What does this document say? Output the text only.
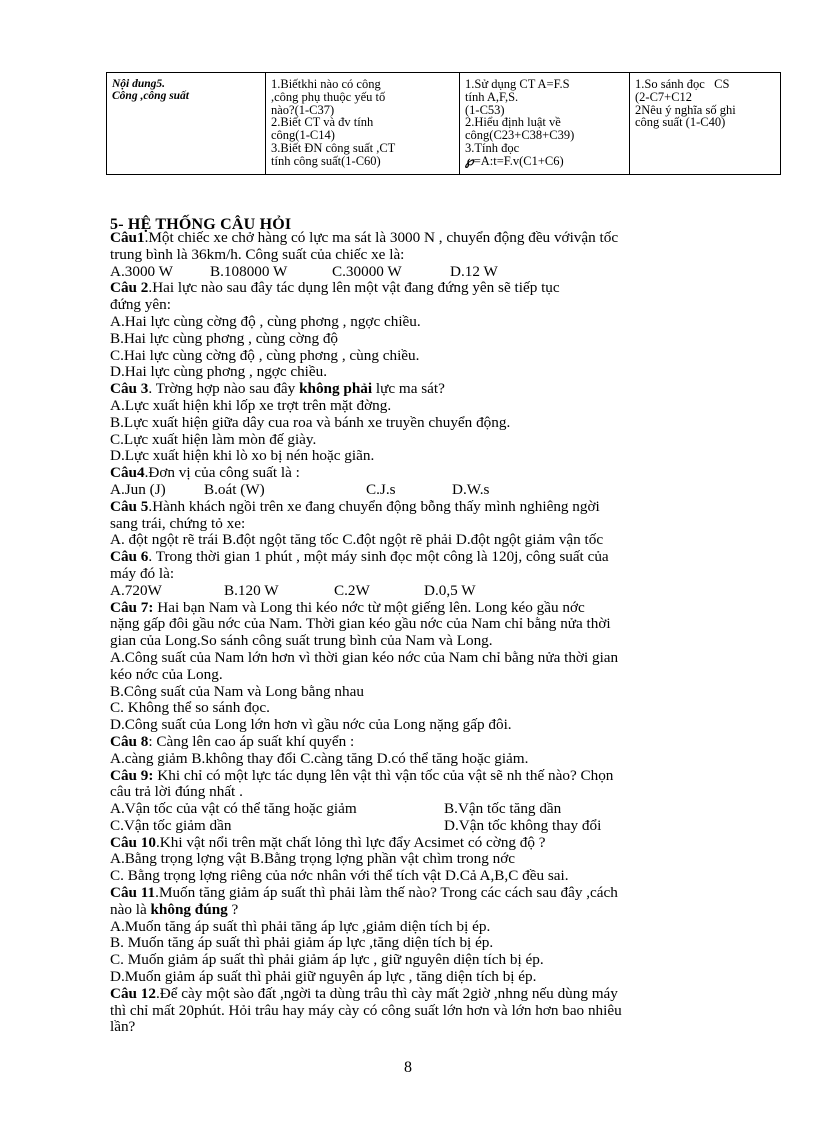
Nội dung5.
Công ,công suất

1.Biếtkhi nào có công
,công phụ thuộc yếu tố
nào?(1-C37)
2.Biết CT và đv tính
công(1-C14)
3.Biết ĐN công suất ,CT
tính công suất(1-C60)

1.Sử dụng CT A=F.S
tính A,F,S.
(1-C53)
2.Hiểu định luật về
công(C23+C38+C39)
3.Tính đọc
℘=A:t=F.v(C1+C6)

1.So sánh đọc   CS
(2-C7+C12
2Nêu ý nghĩa số ghi
công suất (1-C40)
5- HỆ THỐNG CÂU HỎI
Câu1.Một chiếc xe chở hàng có lực ma sát là 3000 N , chuyển động đều vớivận tốc
trung bình là 36km/h. Công suất của chiếc xe là:
A.3000 W	B.108000 W	C.30000 W	D.12 W
Câu 2.Hai lực nào sau đây tác dụng lên một vật đang đứng yên sẽ tiếp tục
đứng yên:
A.Hai lực cùng cờng độ , cùng phơng , ngợc chiều.
B.Hai lực cùng phơng , cùng cờng độ
C.Hai lực cùng cờng độ , cùng phơng , cùng chiều.
D.Hai lực cùng phơng , ngợc chiều.
Câu 3. Trờng hợp nào sau đây không phải lực ma sát?
A.Lực xuất hiện khi lốp xe trợt trên mặt đờng.
B.Lực xuất hiện giữa dây cua roa và bánh xe truyền chuyển động.
C.Lực xuất hiện làm mòn đế giày.
D.Lực xuất hiện khi lò xo bị nén hoặc giãn.
Câu4.Đơn vị của công suất là :
A.Jun (J)	B.oát (W)	C.J.s	D.W.s
Câu 5.Hành khách ngồi trên xe đang chuyển động bỗng thấy mình nghiêng ngời
sang trái, chứng tỏ xe:
A. đột ngột rẽ trái B.đột ngột tăng tốc C.đột ngột rẽ phải D.đột ngột giảm vận tốc
Câu 6. Trong thời gian 1 phút , một máy sinh đọc một công là 120j, công suất của
máy đó là:
A.720W	B.120 W	C.2W	D.0,5 W
Câu 7: Hai bạn Nam và Long thi kéo nớc từ một giếng lên. Long kéo gầu nớc
nặng gấp đôi gầu nớc của Nam. Thời gian kéo gầu nớc của Nam chỉ bằng nửa thời
gian của Long.So sánh công suất trung bình của Nam và Long.
A.Công suất của Nam lớn hơn vì thời gian kéo nớc của Nam chỉ bằng nửa thời gian
kéo nớc của Long.
B.Công suất của Nam và Long bằng nhau
C. Không thể so sánh đọc.
D.Công suất của Long lớn hơn vì gầu nớc của Long nặng gấp đôi.
Câu 8: Càng lên cao áp suất khí quyển :
A.càng giảm B.không thay đổi C.càng tăng D.có thể tăng hoặc giảm.
Câu 9: Khi chỉ có một lực tác dụng lên vật thì vận tốc của vật sẽ nh thế nào? Chọn
câu trả lời đúng nhất .
A.Vận tốc của vật có thể tăng hoặc giảm	B.Vận tốc tăng dần
C.Vận tốc giảm dần	D.Vận tốc không thay đổi
Câu 10.Khi vật nổi trên mặt chất lỏng thì lực đẩy Acsimet có cờng độ ?
A.Bằng trọng lợng vật B.Bằng trọng lợng phần vật chìm trong nớc
C. Bằng trọng lợng riêng của nớc nhân với thể tích vật D.Cả A,B,C đều sai.
Câu 11.Muốn tăng giảm áp suất thì phải làm thế nào? Trong các cách sau đây ,cách
nào là không đúng ?
A.Muốn tăng áp suất thì phải tăng áp lực ,giảm diện tích bị ép.
B. Muốn tăng áp suất thì phải giảm áp lực ,tăng diện tích bị ép.
C. Muốn giảm áp suất thì phải giảm áp lực , giữ nguyên diện tích bị ép.
D.Muốn giảm áp suất thì phải giữ nguyên áp lực , tăng diện tích bị ép.
Câu 12.Để cày một sào đất ,ngời ta dùng trâu thì cày mất 2giờ ,nhng nếu dùng máy
thì chỉ mất 20phút. Hỏi trâu hay máy cày có công suất lớn hơn và lớn hơn bao nhiêu
lần?
8
